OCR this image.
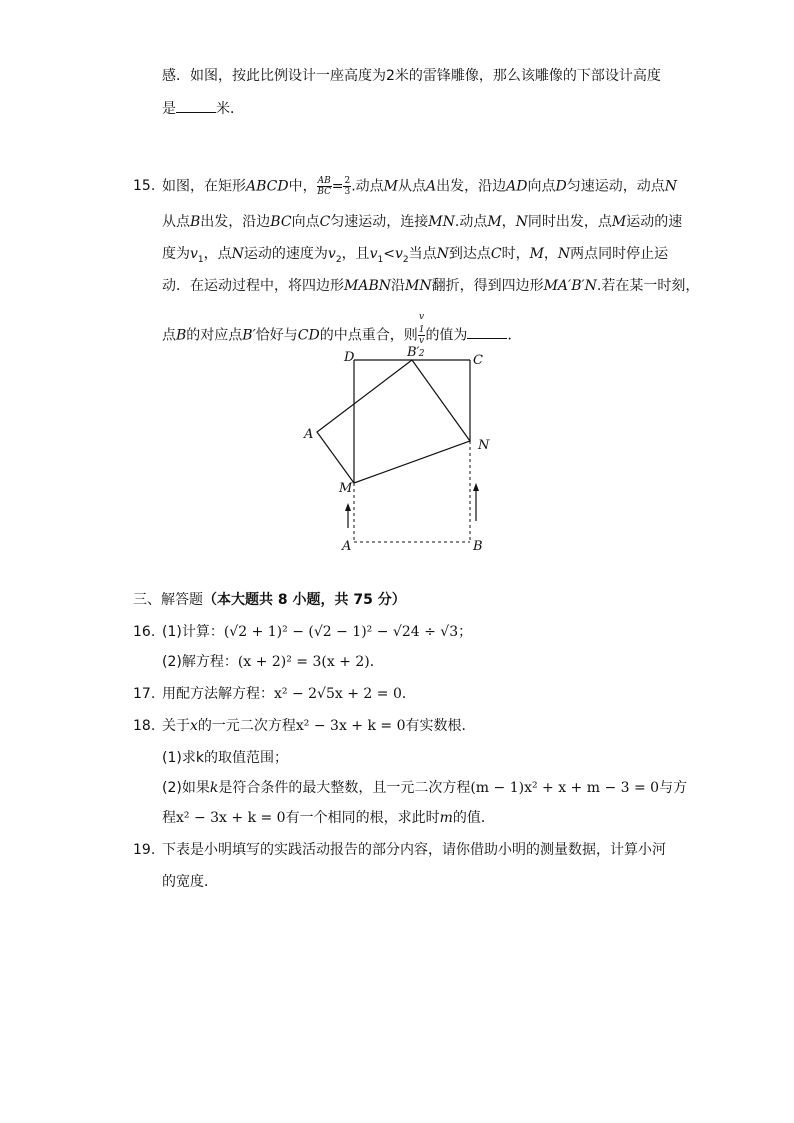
感．如图，按此比例设计一座高度为2米的雷锋雕像，那么该雕像的下部设计高度
是	米．
15. 如图，在矩形ABCD中， $\frac{AB}{BC} = \frac{2}{3}$ .动点M从点A出发，沿边AD向点D匀速运动，动点N
从点B出发，沿边BC向点C匀速运动，连接MN.动点M，N同时出发，点M运动的速
度为$v_1$，点N运动的速度为$v_2$，且$v_1<v_2$当点N到达点C时，M，N两点同时停止运
动．在运动过程中，将四边形MABN沿MN翻折，得到四边形MA′B′N.若在某一时刻，
点B的对应点B′恰好与CD的中点重合，则 v
$_1$
v
$_2$ 的值为	．
D	B′
C
A
N
M
A	B
三、解答题（本大题共 8 小题，共 75 分）
16. (1)计算：(√2 + 1)² − (√2 − 1)² − √24 ÷ √3；
(2)解方程：(x + 2)² = 3(x + 2)．
17. 用配方法解方程：x² − 2√5x + 2 = 0．
18. 关于x的一元二次方程x² − 3x + k = 0有实数根．
(1)求k的取值范围；
(2)如果k是符合条件的最大整数，且一元二次方程(m − 1)x² + x + m − 3 = 0与方
程x² − 3x + k = 0有一个相同的根，求此时m的值．
19. 下表是小明填写的实践活动报告的部分内容，请你借助小明的测量数据，计算小河
的宽度．
